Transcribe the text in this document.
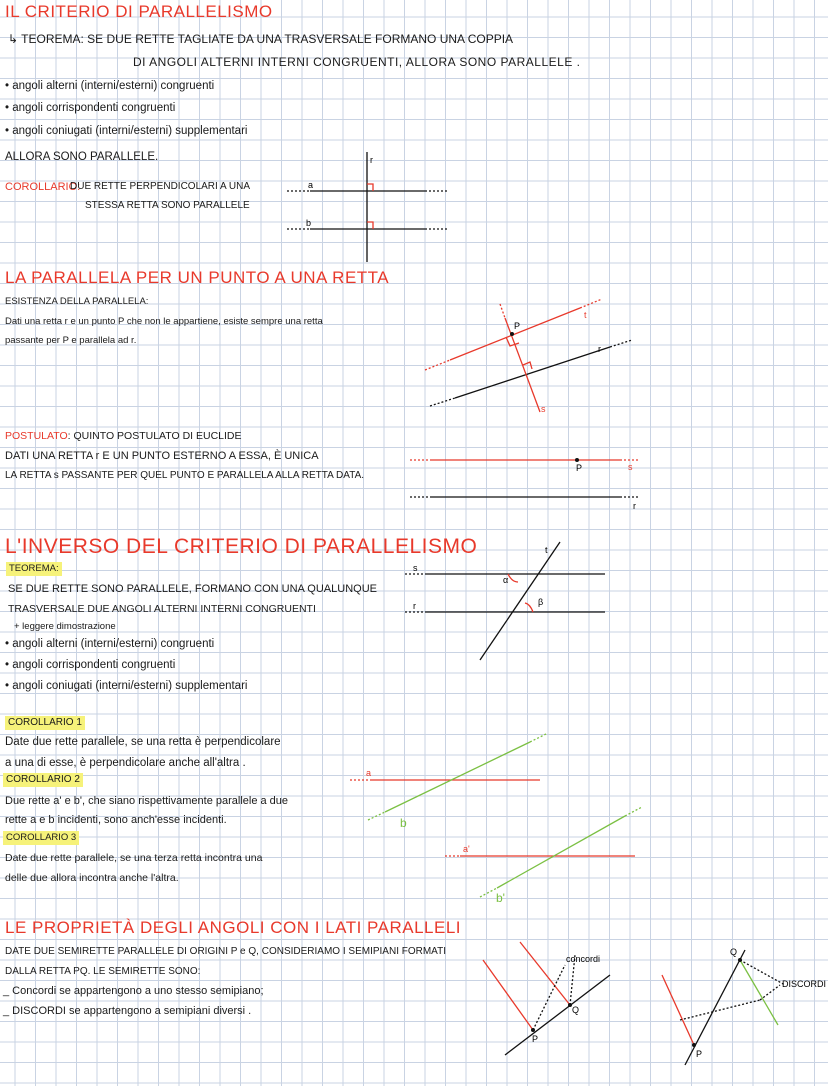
IL CRITERIO DI PARALLELISMO
↳ TEOREMA: SE DUE RETTE TAGLIATE DA UNA TRASVERSALE FORMANO UNA COPPIA
DI ANGOLI ALTERNI INTERNI CONGRUENTI, ALLORA SONO PARALLELE .
• angoli alterni (interni/esterni) congruenti
• angoli corrispondenti congruenti
• angoli coniugati (interni/esterni) supplementari
ALLORA SONO PARALLELE.
COROLLARIO:
DUE RETTE PERPENDICOLARI A UNA
STESSA RETTA SONO PARALLELE
LA PARALLELA PER UN PUNTO A UNA RETTA
ESISTENZA DELLA PARALLELA:
Dati una retta r e un punto P che non le appartiene, esiste sempre una retta
passante per P e parallela ad r.
POSTULATO: QUINTO POSTULATO DI EUCLIDE
DATI UNA RETTA r E UN PUNTO ESTERNO A ESSA, È UNICA
LA RETTA s PASSANTE PER QUEL PUNTO E PARALLELA ALLA RETTA DATA.
L'INVERSO DEL CRITERIO DI PARALLELISMO
TEOREMA:
SE DUE RETTE SONO PARALLELE, FORMANO CON UNA QUALUNQUE
TRASVERSALE DUE ANGOLI ALTERNI INTERNI CONGRUENTI
+ leggere dimostrazione
• angoli alterni (interni/esterni) congruenti
• angoli corrispondenti congruenti
• angoli coniugati (interni/esterni) supplementari
COROLLARIO 1
Date due rette parallele, se una retta è perpendicolare
a una di esse, è perpendicolare anche all'altra .
COROLLARIO 2
Due rette a' e b', che siano rispettivamente parallele a due
rette a e b incidenti, sono anch'esse incidenti.
COROLLARIO 3
Date due rette parallele, se una terza retta incontra una
delle due allora incontra anche l'altra.
LE PROPRIETÀ DEGLI ANGOLI CON I LATI PARALLELI
DATE DUE SEMIRETTE PARALLELE DI ORIGINI P e Q, CONSIDERIAMO I SEMIPIANI FORMATI
DALLA RETTA PQ. LE SEMIRETTE SONO:
_ Concordi se appartengono a uno stesso semipiano;
_ DISCORDI se appartengono a semipiani diversi .
r
a
b
t
r
s
P
P	s
r
s
r
t
α
β
a
b
a'
b'
concordi
P
Q
DISCORDI
P
Q
